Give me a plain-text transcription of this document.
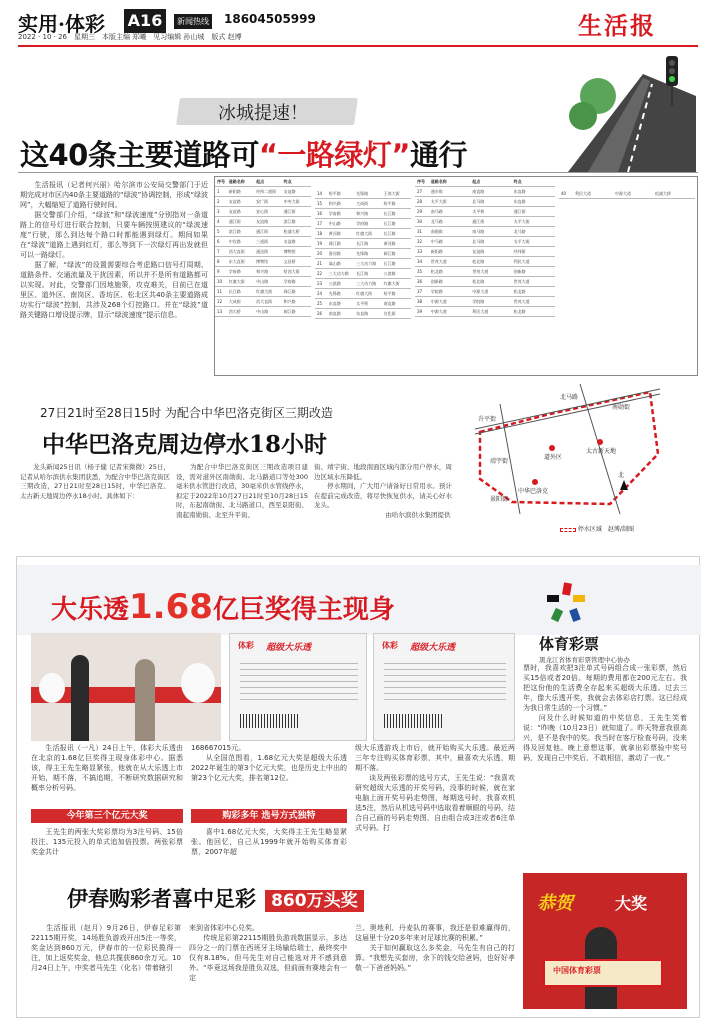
实用·体彩 A16	新闻热线 18604505999	生活报
2022 · 10 · 26　星期三　本版主编 郑曦　见习编辑 孙山城　版式 赵博
冰城提速！
这40条主要道路可“一路绿灯”通行

　　生活报讯（记者何兴丽）哈尔滨市公安局交警部门于近期完成对市区内40条主要道路的“绿波”协调控制，形成“绿波网”，大幅缩短了道路行驶时间。
　　据交警部门介绍，“绿波”和“绿波速度”分别指对一条道路上的信号灯进行联合控制，只要车辆按照建议的“绿波速度”行驶，那么到达每个路口时都能遇到绿灯。期间如果在“绿波”道路上遇到红灯，那么等到下一次绿灯再出发就但可以一路绿灯。
　　据了解，“绿波”的设置需要综合考虑路口信号灯周期、道路条件、交通流量及干扰因素，所以并不是所有道路都可以实现。对此，交警部门因地施策，攻克难关，目前已在道里区、道外区、南岗区、香坊区、松北区共40条主要道路成功实行“绿波”控制，共涉及268个灯控路口。并在“绿波”道路关键路口增设提示牌，显示“绿波速度”提示信息。

序号 道路名称	起点	终点
1	新阳路	经纬二道街	友谊路
2	友谊路	安广街	中央大街
3	友谊路	安心街	通江街
4	通江街	友谊路	滨江路
5	滨江路	通江街	松浦大桥
6	中宣路	三道街	友谊路
7	西大直街	通达街	博物馆
8	东大直街	博物馆	文昌桥
9	学府路	和兴路	哈西大街
10	红旗大街	中山路	学府路
11	长江路	红旗大街	珠江路
12	大成街	西大直街	和兴路
13	西大桥	中山路	闽江路
14	哈平路	先锋路	王岗大街
15	和兴路	大成街	哈平路
16	学府路	和兴路	长江路
17	中山路	学府路	长江路
18	黄河路	红旗大街	长江路
19	珠江路	长江路	黄河路
20	淮河路	先锋路	闽江路
21	嵩山路	三大动力路	长江路
22	三大动力路	长江路	公滨路
23	公滨路	三大动力路	红旗大街
24	先锋路	红旗大街	哈平路
25	东直路	太平桥	南直路
26	南直路	东直路	宣化街
序号	道路名称	起点	终点
27	通乡街	南直路	东直路
28	太平大街	北马路	东直路
29	南马路	太平桥	通江街
30	北马路	通江街	太平大街
31	南勋街	南马路	北马路
32	中马路	北马路	太平大街
33	新阳路	友谊路	经纬街
34	世茂大道	松北路	利民大道
35	松北路	世茂大道	创新路
36	创新路	松北路	世茂大道
37	学院路	中源大道	松北路
38	中源大道	学院路	世茂大道
39	中源大道	利民大道	松北路
40	利民大道	中源大道	松浦大桥
27日21时至28日15时 为配合中华巴洛克街区三期改造
中华巴洛克周边停水18小时

　　龙头新闻25日讯（杨子健 记者宋微微）25日，记者从哈尔滨供水集团获悉，为配合中华巴洛克街区三期改造，27日21时至28日15时，中华巴洛克、太古新天地周边停水18小时。具体如下：

　　为配合中华巴洛克街区三期改造项目建设，需对道外区南勋街、北马路道口等处300毫米供水管进行改造，30毫米供水管线停水，拟定于2022年10月27日21时至10月28日15时，东起南勋街、北马路道口，西至景阳街、南起南勋街、北至升平街、

街、靖宇街、地段南面区域内部分用户停水，周边区域水压降低。
　　停水期间，广大用户请备好日常用水。预计在提前完成改造，将尽快恢复供水，请关心好水龙头。
　　　　　　　　　　　由哈尔滨供水集团提供

升平街
南勋街
北马路
靖宇街
景阳街
道外区
太古新天地
中华巴洛克
北
停水区域　赵博/制图
大乐透1.68亿巨奖得主现身
体育彩票
黑龙江省体育彩票管理中心协办
体彩 超级大乐透	体彩 超级大乐透

　　生活报讯（一凡）24日上午，体彩大乐透由在北京的1.68亿巨奖得主现身体彩中心。据悉该，得主王先生略显紧张，他就在从大乐透上市开始，期不落，不搞追期，不断研究数据研究和概率分析号码。

今年第三个亿元大奖

　　王先生的两张大奖彩票均为3注号码、15倍投注、135元投入的单式追加倍投票。两张彩票奖金共计

168667015元。
　　从全国范围看，1.68亿元大奖是超级大乐透2022年诞生的第3个亿元大奖，也是历史上中出的第23个亿元大奖，排名第12位。

购彩多年 选号方式独特

　　喜中1.68亿元大奖，大奖得主王先生略显紧张。他回忆，自己从1999年就开始购买体育彩票，2007年超

级大乐透游戏上市后，就开始购买大乐透。最近两三年专注购买体育彩票，其中，最喜欢大乐透，期期不落。
　　谈及两张彩票的选号方式，王先生说：“我喜欢研究超级大乐透的开奖号码，没事的时候，就在家电脑上面开奖号码走势图，每期选号时，我喜欢机选5注，然后从机选号码中选取看着顺眼的号码，结合自己画的号码走势图，自由组合成3注或者6注单式号码。打

票时，我喜欢把3注单式号码组合成一张彩票，然后买15倍或者20倍。每期的费用都在200元左右。我把这份他的生活费全存起来买超级大乐透。过去三年，像大乐透开奖，我就会去体彩店打票。这已经成为我日常生活的一个习惯。”
　　问及什么时候知道的中奖信息，王先生笑着说：“昨晚（10月23日）就知道了。昨天特意我很高兴，是不是我中的奖。我当时在客厅检查号码，没来得及回复他。晚上意想这事，就拿出彩票验中奖号码，发现自己中奖后，不敢相信，激动了一夜。”

伊春购彩者喜中足彩 860万头奖

　　生活报讯（赵月）9月26日，伊春足彩第22115期开奖，14场胜负游戏开出5注一等奖，奖金达到860万元，伊春市的一位彩民揽得一注，加上返奖奖金，他总共揽获860余万元。10月24日上午，中奖者马先生（化名）带着辖引

来到省体彩中心兑奖。
　　传统足彩第22115期胜负游戏数据显示，多达四分之一的门票在西班牙主场输给瑞士，最终奖中仅有8.18%。但马先生对自己能选对并不感到意外。“毕竟这场我是胜负双选，但前面有赛地会有一定

兰、奥地利、丹麦队的赛事，我还是很难赢得的，这届里十分20多年来对足球比赛的积累。”
　　关于如何赢取这么多奖金，马先生有自己的打算。“我想先买套房，余下的钱交给爸妈，也好好孝敬一下爸爸妈妈。”

恭贺	大奖
中国体育彩票
